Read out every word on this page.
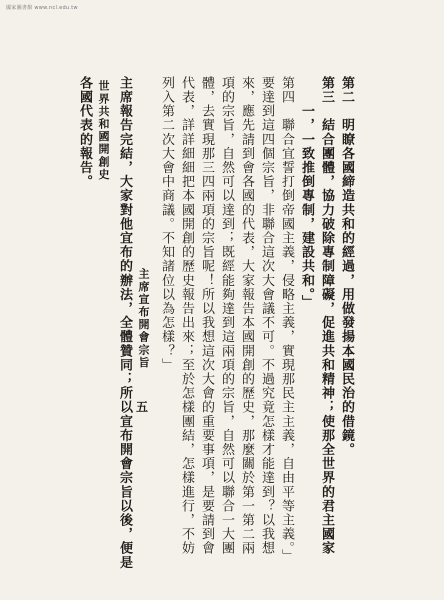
國家圖書館 www.ncl.edu.tw
世界共和國開創史
主席宣布開會宗旨
五	第二　明瞭各國締造共和的經過，用做發揚本國民治的借鏡。
第三　結合團體，協力破除專制障礙，促進共和精神；使那全世界的君主國家
　　一，一致推倒專制，建設共和。」
第四　聯合宜誓打倒帝國主義，侵略主義，實現那民主主義，自由平等主義。」
要達到這四個宗旨，非聯合這次大會議不可。不過究竟怎樣才能達到？以我想
來，應先請到會各國的代表，大家報告本國開創的歷史，那麼關於第一第二兩
項的宗旨，自然可以達到；既經能夠達到這兩項的宗旨，自然可以聯合一大團
體，去實現那三四兩項的宗旨呢！所以我想這次大會的重要事項，是要請到會
代表，詳詳細細把本國開創的歷史報告出來；至於怎樣團結，怎樣進行，不妨
列入第二次大會中商議。不知諸位以為怎樣？」
主席報告完結，大家對他宜布的辦法，全體贊同；所以宣布開會宗旨以後，便是
各國代表的報告。
